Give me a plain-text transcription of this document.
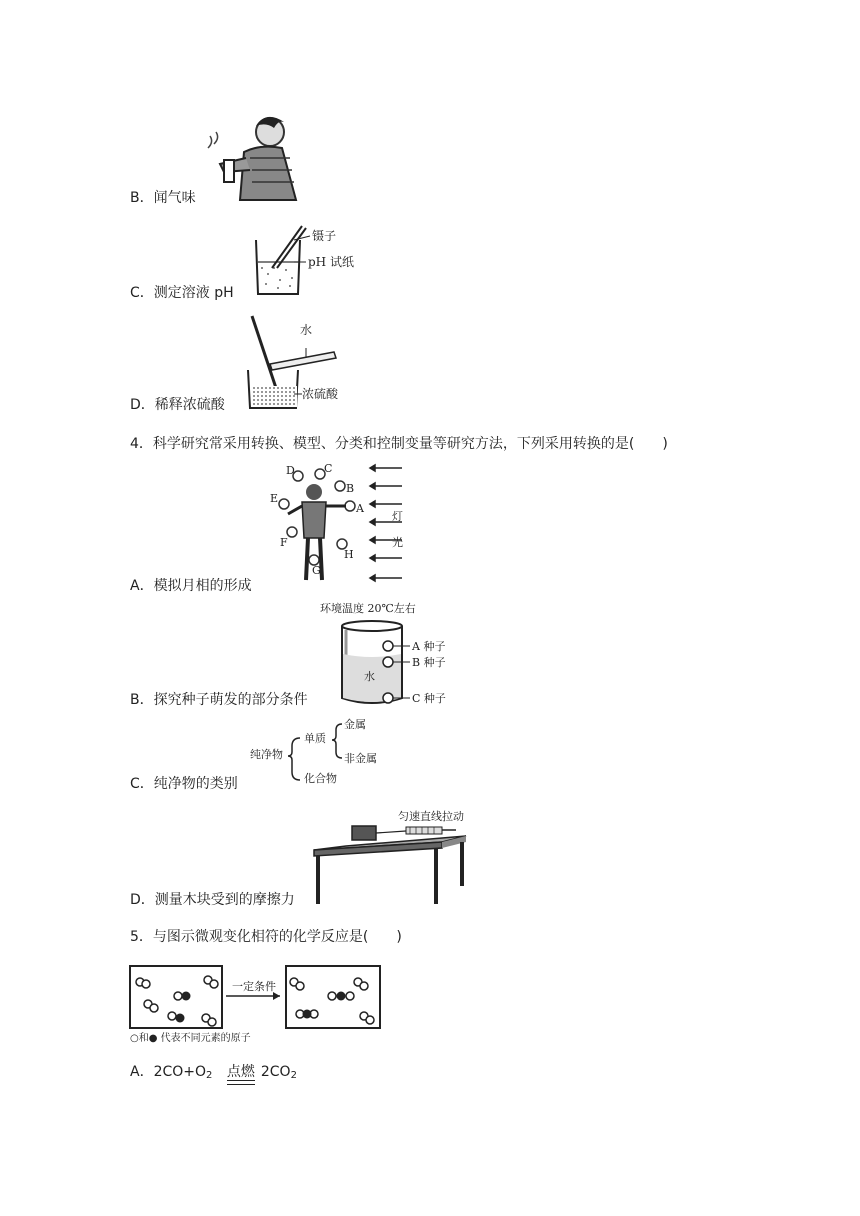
B．闻气味
镊子
pH 试纸
C．测定溶液 pH
水
浓硫酸
D．稀释浓硫酸
4．科学研究常采用转换、模型、分类和控制变量等研究方法，下列采用转换的是(　　)
D	C
B
E
A
F
H
G
灯
光
A．模拟月相的形成
环境温度 20℃左右
水
A 种子
B 种子
C 种子
B．探究种子萌发的部分条件
纯净物
单质
化合物
金属
非金属
C．纯净物的类别
匀速直线拉动
D．测量木块受到的摩擦力
5．与图示微观变化相符的化学反应是(　　)
一定条件
○和● 代表不同元素的原子
A．$2CO+O_2$ 点燃 $2CO_2$
